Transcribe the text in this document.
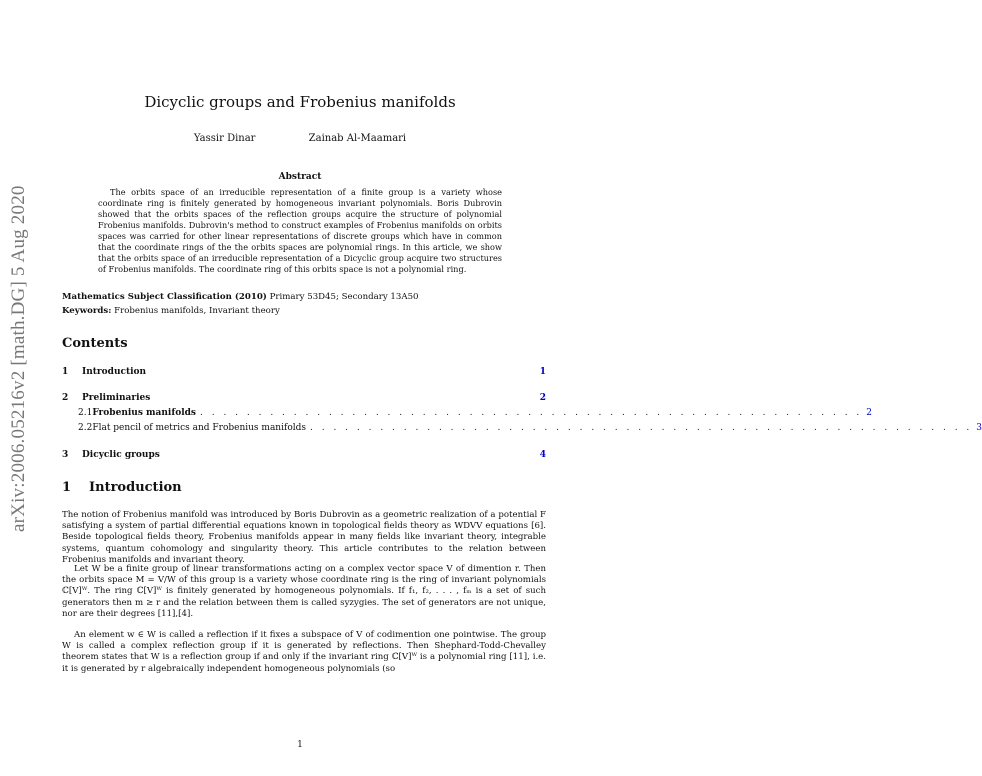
arXiv:2006.05216v2 [math.DG] 5 Aug 2020
Dicyclic groups and Frobenius manifolds
Yassir Dinar	Zainab Al-Maamari
Abstract
The orbits space of an irreducible representation of a finite group is a variety whose coordinate ring is finitely generated by homogeneous invariant polynomials. Boris Dubrovin showed that the orbits spaces of the reflection groups acquire the structure of polynomial Frobenius manifolds. Dubrovin's method to construct examples of Frobenius manifolds on orbits spaces was carried for other linear representations of discrete groups which have in common that the coordinate rings of the the orbits spaces are polynomial rings. In this article, we show that the orbits space of an irreducible representation of a Dicyclic group acquire two structures of Frobenius manifolds. The coordinate ring of this orbits space is not a polynomial ring.
Mathematics Subject Classification (2010) Primary 53D45; Secondary 13A50
Keywords: Frobenius manifolds, Invariant theory
Contents
1	Introduction	1
2	Preliminaries	2
2.1 Frobenius manifolds . . . . . . . . . . . . . . . . . . . . . . . . . . . . . . . . . . . . . . . . . . . . . . . . . . . . . . . . . 2
2.2 Flat pencil of metrics and Frobenius manifolds . . . . . . . . . . . . . . . . . . . . . . . . . . . . . . . . . . . . . . . . . . . . . . . . . . . . . . . . . 3
3	Dicyclic groups	4
1 Introduction
The notion of Frobenius manifold was introduced by Boris Dubrovin as a geometric realization of a potential F satisfying a system of partial differential equations known in topological fields theory as WDVV equations [6]. Beside topological fields theory, Frobenius manifolds appear in many fields like invariant theory, integrable systems, quantum cohomology and singularity theory. This article contributes to the relation between Frobenius manifolds and invariant theory.
Let W be a finite group of linear transformations acting on a complex vector space V of dimention r. Then the orbits space M = V/W of this group is a variety whose coordinate ring is the ring of invariant polynomials ℂ[V]ᵂ. The ring ℂ[V]ᵂ is finitely generated by homogeneous polynomials. If f₁, f₂, . . . , fₘ is a set of such generators then m ≥ r and the relation between them is called syzygies. The set of generators are not unique, nor are their degrees [11],[4].
An element w ∈ W is called a reflection if it fixes a subspace of V of codimention one pointwise. The group W is called a complex reflection group if it is generated by reflections. Then Shephard-Todd-Chevalley theorem states that W is a reflection group if and only if the invariant ring ℂ[V]ᵂ is a polynomial ring [11], i.e. it is generated by r algebraically independent homogeneous polynomials (so
1
